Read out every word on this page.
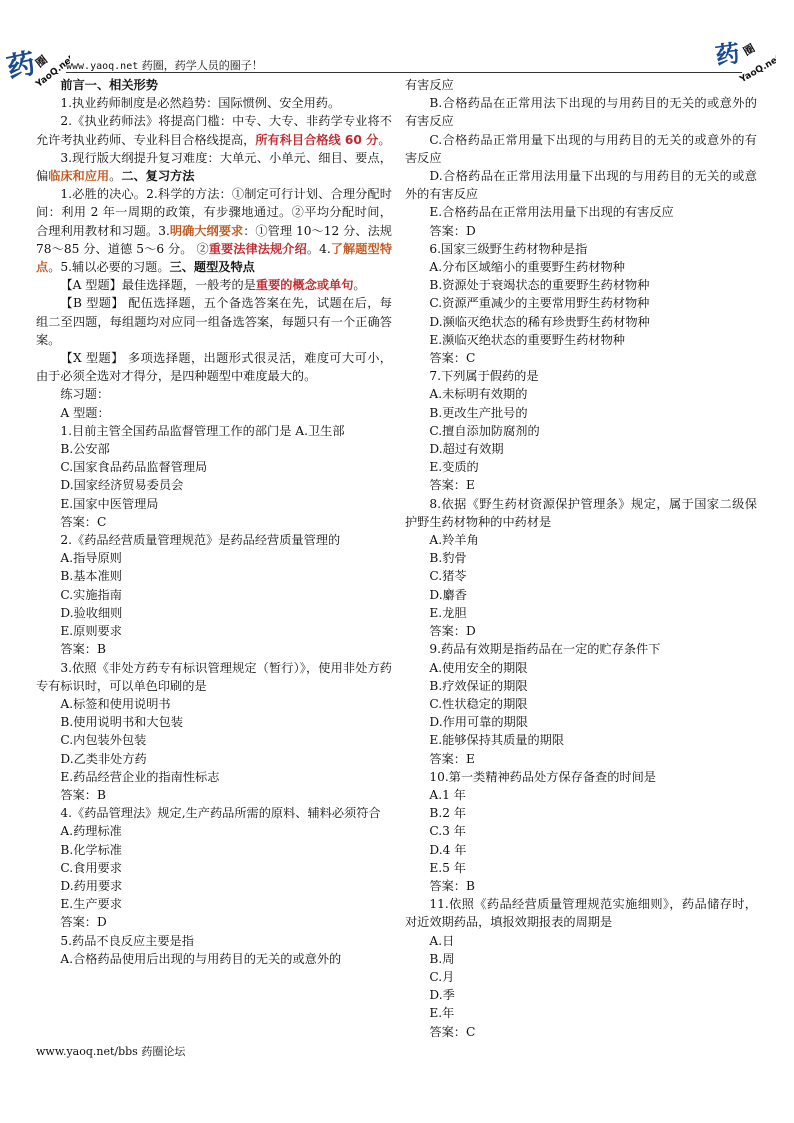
药
圈
YaoQ.net	药 圈
YaoQ.net
www.yaoq.net 药圈，药学人员的圈子！

前言一、相关形势

1.执业药师制度是必然趋势：国际惯例、安全用药。

2.《执业药师法》将提高门槛：中专、大专、非药学专业将不允许考执业药师、专业科目合格线提高，所有科目合格线 60 分。

3.现行版大纲提升复习难度：大单元、小单元、细目、要点，偏临床和应用。二、复习方法

1.必胜的决心。2.科学的方法：①制定可行计划、合理分配时间：利用 2 年一周期的政策，有步骤地通过。②平均分配时间，合理利用教材和习题。3.明确大纲要求：①管理 10～12 分、法规 78～85 分、道德 5～6 分。 ②重要法律法规介绍。4.了解题型特点。5.辅以必要的习题。三、题型及特点

【A 型题】最佳选择题，一般考的是重要的概念或单句。

【B 型题】 配伍选择题，五个备选答案在先，试题在后，每组二至四题，每组题均对应同一组备选答案，每题只有一个正确答案。

【X 型题】 多项选择题，出题形式很灵活，难度可大可小，由于必须全选对才得分，是四种题型中难度最大的。

练习题：

A 型题：

1.目前主管全国药品监督管理工作的部门是 A.卫生部

B.公安部

C.国家食品药品监督管理局

D.国家经济贸易委员会

E.国家中医管理局

答案：C

2.《药品经营质量管理规范》是药品经营质量管理的

A.指导原则

B.基本准则

C.实施指南

D.验收细则

E.原则要求

答案：B

3.依照《非处方药专有标识管理规定（暂行）》，使用非处方药专有标识时，可以单色印刷的是

A.标签和使用说明书

B.使用说明书和大包装

C.内包装外包装

D.乙类非处方药

E.药品经营企业的指南性标志

答案：B

4.《药品管理法》规定,生产药品所需的原料、辅料必须符合

A.药理标准

B.化学标准

C.食用要求

D.药用要求

E.生产要求

答案：D

5.药品不良反应主要是指

A.合格药品使用后出现的与用药目的无关的或意外的

有害反应

B.合格药品在正常用法下出现的与用药目的无关的或意外的有害反应

C.合格药品正常用量下出现的与用药目的无关的或意外的有害反应

D.合格药品在正常用法用量下出现的与用药目的无关的或意外的有害反应

E.合格药品在正常用法用量下出现的有害反应

答案：D

6.国家三级野生药材物种是指

A.分布区域缩小的重要野生药材物种

B.资源处于衰竭状态的重要野生药材物种

C.资源严重减少的主要常用野生药材物种

D.濒临灭绝状态的稀有珍贵野生药材物种

E.濒临灭绝状态的重要野生药材物种

答案：C

7.下列属于假药的是

A.未标明有效期的

B.更改生产批号的

C.擅自添加防腐剂的

D.超过有效期

E.变质的

答案：E

8.依据《野生药材资源保护管理条》规定，属于国家二级保护野生药材物种的中药材是

A.羚羊角

B.豹骨

C.猪苓

D.麝香

E.龙胆

答案：D

9.药品有效期是指药品在一定的贮存条件下

A.使用安全的期限

B.疗效保证的期限

C.性状稳定的期限

D.作用可靠的期限

E.能够保持其质量的期限

答案：E

10.第一类精神药品处方保存备查的时间是

A.1 年

B.2 年

C.3 年

D.4 年

E.5 年

答案：B

11.依照《药品经营质量管理规范实施细则》，药品储存时，对近效期药品，填报效期报表的周期是

A.日

B.周

C.月

D.季

E.年

答案：C

www.yaoq.net/bbs 药圈论坛
